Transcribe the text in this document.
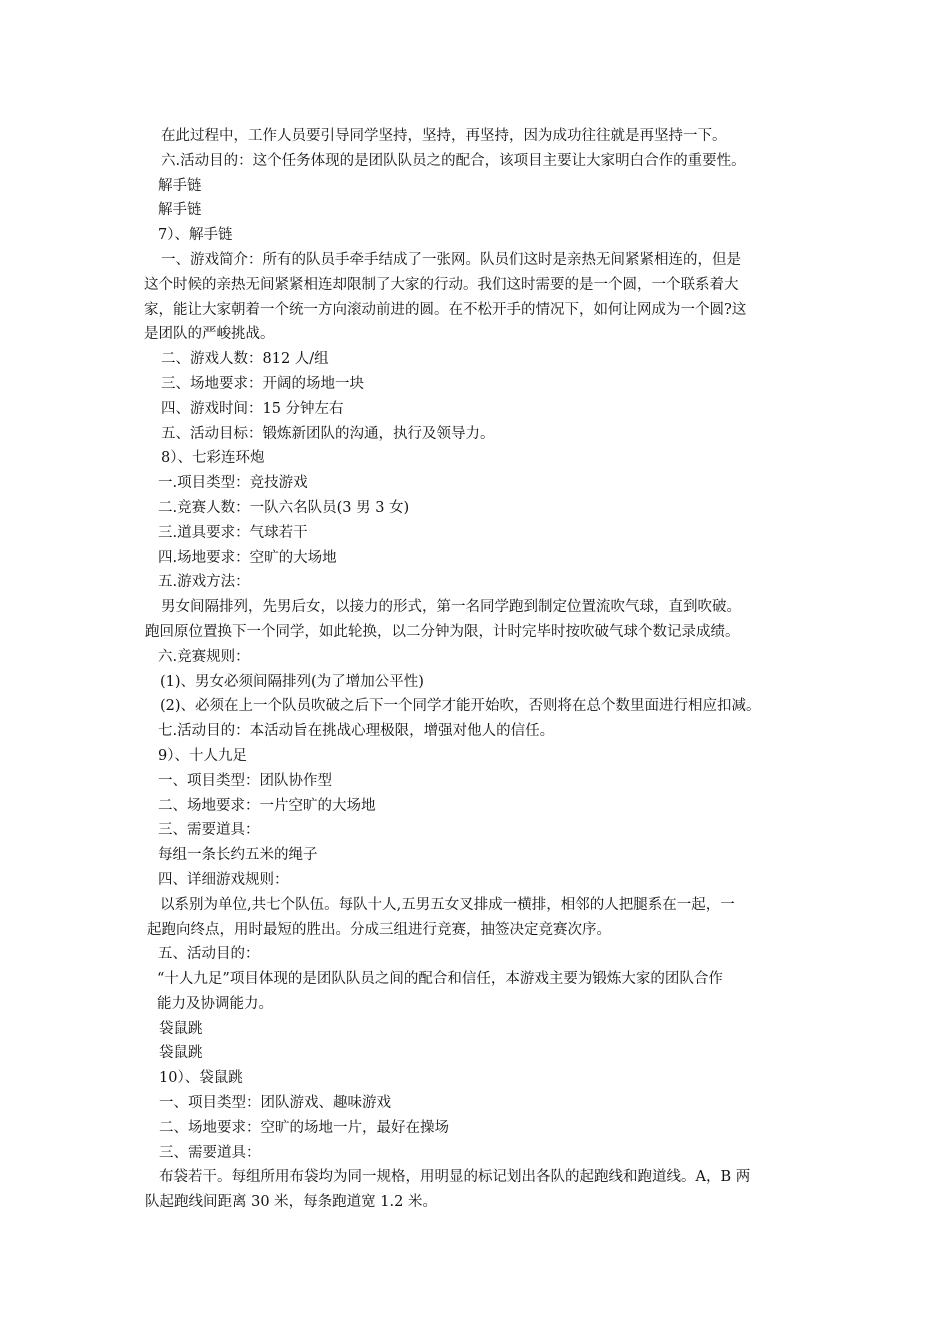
在此过程中，工作人员要引导同学坚持，坚持，再坚持，因为成功往往就是再坚持一下。
六.活动目的：这个任务体现的是团队队员之的配合，该项目主要让大家明白合作的重要性。
解手链
解手链
7）、解手链
一、游戏简介：所有的队员手牵手结成了一张网。队员们这时是亲热无间紧紧相连的，但是
这个时候的亲热无间紧紧相连却限制了大家的行动。我们这时需要的是一个圆，一个联系着大
家，能让大家朝着一个统一方向滚动前进的圆。在不松开手的情况下，如何让网成为一个圆?这
是团队的严峻挑战。
二、游戏人数：812 人/组
三、场地要求：开阔的场地一块
四、游戏时间：15 分钟左右
五、活动目标：锻炼新团队的沟通，执行及领导力。
8）、七彩连环炮
一.项目类型：竞技游戏
二.竞赛人数：一队六名队员(3 男 3 女)
三.道具要求：气球若干
四.场地要求：空旷的大场地
五.游戏方法：
男女间隔排列，先男后女，以接力的形式，第一名同学跑到制定位置流吹气球，直到吹破。
跑回原位置换下一个同学，如此轮换，以二分钟为限，计时完毕时按吹破气球个数记录成绩。
六.竞赛规则：
(1)、男女必须间隔排列(为了增加公平性)
(2)、必须在上一个队员吹破之后下一个同学才能开始吹，否则将在总个数里面进行相应扣减。
七.活动目的：本活动旨在挑战心理极限，增强对他人的信任。
9）、十人九足
一、项目类型：团队协作型
二、场地要求：一片空旷的大场地
三、需要道具：
每组一条长约五米的绳子
四、详细游戏规则：
以系别为单位,共七个队伍。每队十人,五男五女叉排成一横排，相邻的人把腿系在一起，一
起跑向终点，用时最短的胜出。分成三组进行竞赛，抽签决定竞赛次序。
五、活动目的：
“十人九足”项目体现的是团队队员之间的配合和信任，本游戏主要为锻炼大家的团队合作
能力及协调能力。
袋鼠跳
袋鼠跳
10）、袋鼠跳
一、项目类型：团队游戏、趣味游戏
二、场地要求：空旷的场地一片，最好在操场
三、需要道具：
布袋若干。每组所用布袋均为同一规格，用明显的标记划出各队的起跑线和跑道线。A，B 两
队起跑线间距离 30 米，每条跑道宽 1.2 米。
